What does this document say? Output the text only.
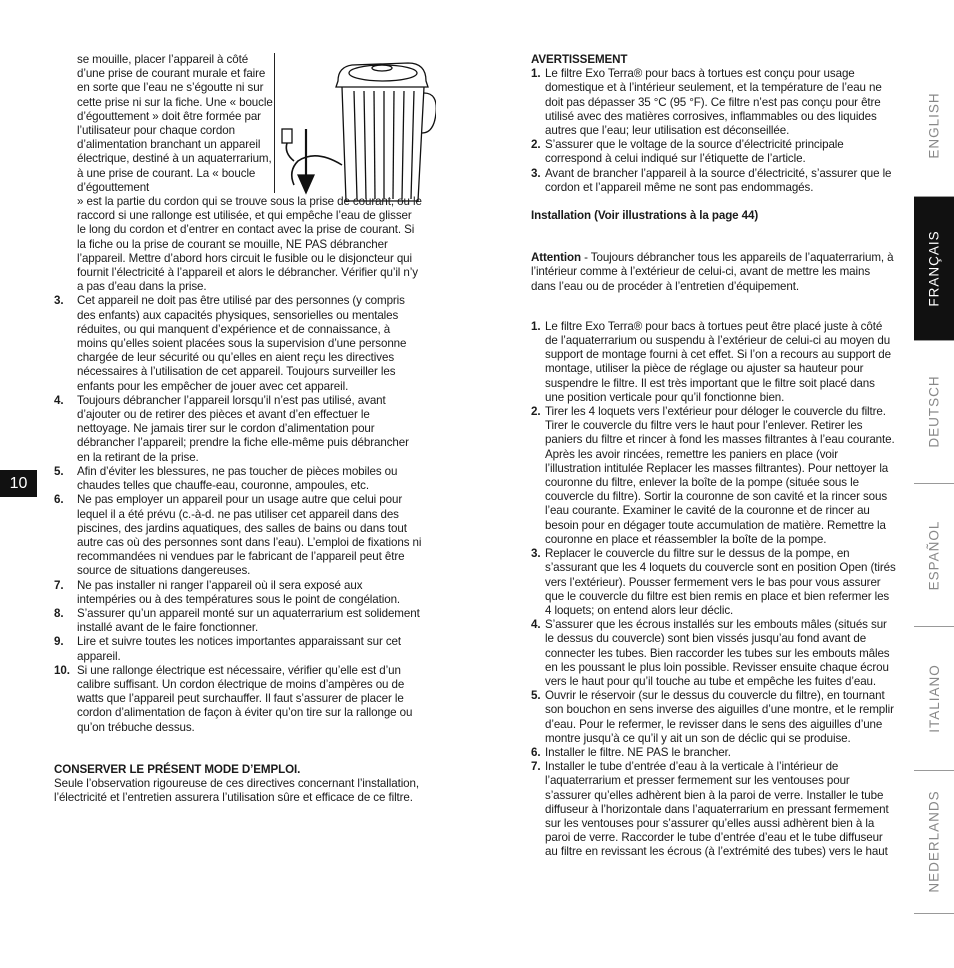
se mouille, placer l’appareil à côté d’une prise de courant murale et faire en sorte que l’eau ne s’égoutte ni sur cette prise ni sur la fiche. Une « boucle d’égouttement » doit être formée par l’utilisateur pour chaque cordon d’alimentation branchant un appareil électrique, destiné à un aquaterrarium, à une prise de courant. La « boucle d’égouttement

» est la partie du cordon qui se trouve sous la prise de courant, ou le raccord si une rallonge est utilisée, et qui empêche l’eau de glisser le long du cordon et d’entrer en contact avec la prise de courant. Si la fiche ou la prise de courant se mouille, NE PAS débrancher l’appareil. Mettre d’abord hors circuit le fusible ou le disjoncteur qui fournit l’électricité à l’appareil et alors le débrancher. Vérifier qu’il n’y a pas d’eau dans la prise.

3.	Cet appareil ne doit pas être utilisé par des personnes (y compris des enfants) aux capacités physiques, sensorielles ou mentales réduites, ou qui manquent d’expérience et de connaissance, à moins qu’elles soient placées sous la supervision d’une personne chargée de leur sécurité ou qu’elles en aient reçu les directives nécessaires à l’utilisation de cet appareil. Toujours surveiller les enfants pour les empêcher de jouer avec cet appareil.
4.	Toujours débrancher l’appareil lorsqu’il n’est pas utilisé, avant d’ajouter ou de retirer des pièces et avant d’en effectuer le nettoyage. Ne jamais tirer sur le cordon d’alimentation pour débrancher l’appareil; prendre la fiche elle-même puis débrancher en la retirant de la prise.
5.	Afin d’éviter les blessures, ne pas toucher de pièces mobiles ou chaudes telles que chauffe-eau, couronne, ampoules, etc.
6.	Ne pas employer un appareil pour un usage autre que celui pour lequel il a été prévu (c.-à-d. ne pas utiliser cet appareil dans des piscines, des jardins aquatiques, des salles de bains ou dans tout autre cas où des personnes sont dans l’eau). L’emploi de fixations ni recommandées ni vendues par le fabricant de l’appareil peut être source de situations dangereuses.
7.	Ne pas installer ni ranger l’appareil où il sera exposé aux intempéries ou à des températures sous le point de congélation.
8.	S’assurer qu’un appareil monté sur un aquaterrarium est solidement installé avant de le faire fonctionner.
9.	Lire et suivre toutes les notices importantes apparaissant sur cet appareil.
10. Si une rallonge électrique est nécessaire, vérifier qu’elle est d’un calibre suffisant. Un cordon électrique de moins d’ampères ou de watts que l’appareil peut surchauffer. Il faut s’assurer de placer le cordon d’alimentation de façon à éviter qu’on tire sur la rallonge ou qu’on trébuche dessus.

CONSERVER LE PRÉSENT MODE D’EMPLOI.

Seule l’observation rigoureuse de ces directives concernant l’installation, l’électricité et l’entretien assurera l’utilisation sûre et efficace de ce filtre.

AVERTISSEMENT

1. Le filtre Exo Terra® pour bacs à tortues est conçu pour usage domestique et à l’intérieur seulement, et la température de l’eau ne doit pas dépasser 35 °C (95 °F). Ce filtre n’est pas conçu pour être utilisé avec des matières corrosives, inflammables ou des liquides autres que l’eau; leur utilisation est déconseillée.
2. S’assurer que le voltage de la source d’électricité principale correspond à celui indiqué sur l’étiquette de l’article.
3. Avant de brancher l’appareil à la source d’électricité, s’assurer que le cordon et l’appareil même ne sont pas endommagés.

Installation (Voir illustrations à la page 44)

Attention - Toujours débrancher tous les appareils de l’aquaterrarium, à l’intérieur comme à l’extérieur de celui-ci, avant de mettre les mains dans l’eau ou de procéder à l’entretien d’équipement.

1. Le filtre Exo Terra® pour bacs à tortues peut être placé juste à côté de l’aquaterrarium ou suspendu à l’extérieur de celui-ci au moyen du support de montage fourni à cet effet. Si l’on a recours au support de montage, utiliser la pièce de réglage ou ajuster sa hauteur pour suspendre le filtre. Il est très important que le filtre soit placé dans une position verticale pour qu’il fonctionne bien.
2. Tirer les 4 loquets vers l’extérieur pour déloger le couvercle du filtre. Tirer le couvercle du filtre vers le haut pour l’enlever. Retirer les paniers du filtre et rincer à fond les masses filtrantes à l’eau courante. Après les avoir rincées, remettre les paniers en place (voir l’illustration intitulée Replacer les masses filtrantes). Pour nettoyer la couronne du filtre, enlever la boîte de la pompe (située sous le couvercle du filtre). Sortir la couronne de son cavité et la rincer sous l’eau courante. Examiner le cavité de la couronne et de rincer au besoin pour en dégager toute accumulation de matière. Remettre la couronne en place et réassembler la boîte de la pompe.
3. Replacer le couvercle du filtre sur le dessus de la pompe, en s’assurant que les 4 loquets du couvercle sont en position Open (tirés vers l’extérieur). Pousser fermement vers le bas pour vous assurer que le couvercle du filtre est bien remis en place et bien refermer les 4 loquets; on entend alors leur déclic.
4. S’assurer que les écrous installés sur les embouts mâles (situés sur le dessus du couvercle) sont bien vissés jusqu’au fond avant de connecter les tubes. Bien raccorder les tubes sur les embouts mâles en les poussant le plus loin possible. Revisser ensuite chaque écrou vers le haut pour qu’il touche au tube et empêche les fuites d’eau.
5. Ouvrir le réservoir (sur le dessus du couvercle du filtre), en tournant son bouchon en sens inverse des aiguilles d’une montre, et le remplir d’eau. Pour le refermer, le revisser dans le sens des aiguilles d’une montre jusqu’à ce qu’il y ait un son de déclic qui se produise.
6. Installer le filtre. NE PAS le brancher.
7. Installer le tube d’entrée d’eau à la verticale à l’intérieur de l’aquaterrarium et presser fermement sur les ventouses pour s’assurer qu’elles adhèrent bien à la paroi de verre. Installer le tube diffuseur à l’horizontale dans l’aquaterrarium en pressant fermement sur les ventouses pour s’assurer qu’elles aussi adhèrent bien à la paroi de verre. Raccorder le tube d’entrée d’eau et le tube diffuseur au filtre en revissant les écrous (à l’extrémité des tubes) vers le haut
10
ENGLISH
FRANÇAIS
DEUTSCH
ESPAÑOL
ITALIANO
NEDERLANDS
